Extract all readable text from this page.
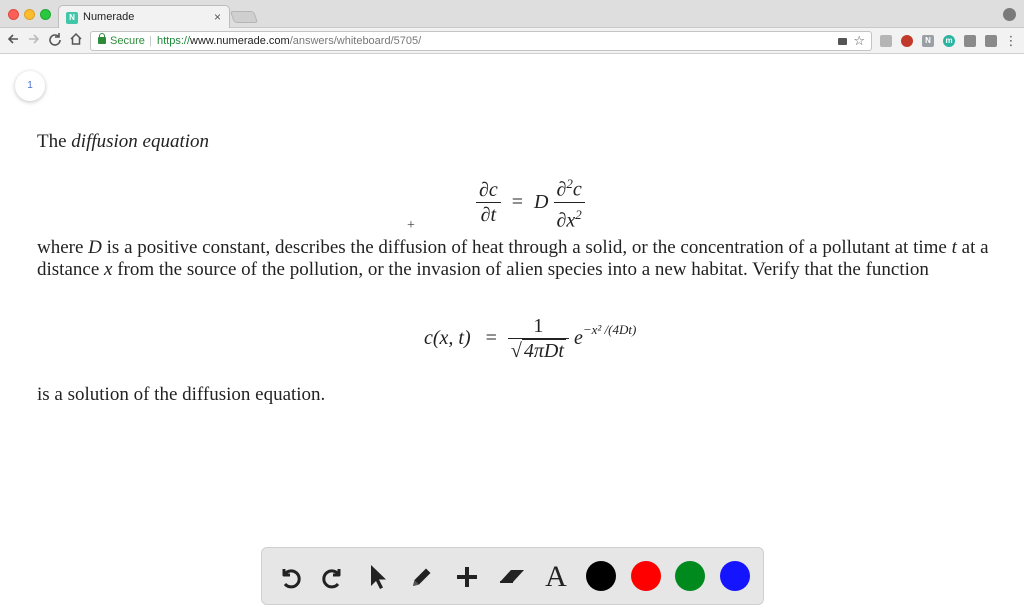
N Numerade	×
Secure | https://www.numerade.com/answers/whiteboard/5705/	☆	N	m	⋮
1
The diffusion equation
$\frac{\partial c}{\partial t} = D \frac{\partial^2c}{\partial x^2}$
+
where D is a positive constant, describes the diffusion of heat through a solid, or the concentration of a pollutant at time t at a distance x from the source of the pollution, or the invasion of alien species into a new habitat. Verify that the function
c(x, $t) = \frac{1}{\text{√ 4πDt}} e^{-x^2 /(4Dt)}$
is a solution of the diffusion equation.
A
